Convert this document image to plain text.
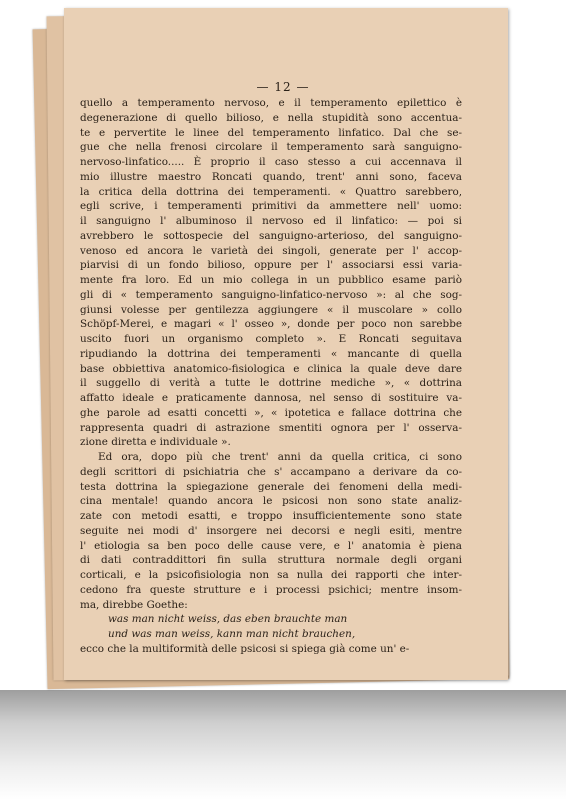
— 12 —
quello a temperamento nervoso, e il temperamento epilettico è
degenerazione di quello bilioso, e nella stupidità sono accentua-
te e pervertite le linee del temperamento linfatico. Dal che se-
gue che nella frenosi circolare il temperamento sarà sanguigno-
nervoso-linfatico..... È proprio il caso stesso a cui accennava il
mio illustre maestro Roncati quando, trent' anni sono, faceva
la critica della dottrina dei temperamenti. « Quattro sarebbero,
egli scrive, i temperamenti primitivi da ammettere nell' uomo:
il sanguigno l' albuminoso il nervoso ed il linfatico: — poi si
avrebbero le sottospecie del sanguigno-arterioso, del sanguigno-
venoso ed ancora le varietà dei singoli, generate per l' accop-
piarvisi di un fondo bilioso, oppure per l' associarsi essi varia-
mente fra loro. Ed un mio collega in un pubblico esame pariò
gli di « temperamento sanguigno-linfatico-nervoso »: al che sog-
giunsi volesse per gentilezza aggiungere « il muscolare » collo
Schöpf-Merei, e magari « l' osseo », donde per poco non sarebbe
uscito fuori un organismo completo ». E Roncati seguitava
ripudiando la dottrina dei temperamenti « mancante di quella
base obbiettiva anatomico-fisiologica e clinica la quale deve dare
il suggello di verità a tutte le dottrine mediche », « dottrina
affatto ideale e praticamente dannosa, nel senso di sostituire va-
ghe parole ad esatti concetti », « ipotetica e fallace dottrina che
rappresenta quadri di astrazione smentiti ognora per l' osserva-
zione diretta e individuale ».
Ed ora, dopo più che trent' anni da quella critica, ci sono
degli scrittori di psichiatria che s' accampano a derivare da co-
testa dottrina la spiegazione generale dei fenomeni della medi-
cina mentale! quando ancora le psicosi non sono state analiz-
zate con metodi esatti, e troppo insufficientemente sono state
seguite nei modi d' insorgere nei decorsi e negli esiti, mentre
l' etiologia sa ben poco delle cause vere, e l' anatomia è piena
di dati contraddittori fin sulla struttura normale degli organi
corticali, e la psicofisiologia non sa nulla dei rapporti che inter-
cedono fra queste strutture e i processi psichici; mentre insom-
ma, direbbe Goethe:
was man nicht weiss, das eben brauchte man
und was man weiss, kann man nicht brauchen,
ecco che la multiformità delle psicosi si spiega già come un' e-
